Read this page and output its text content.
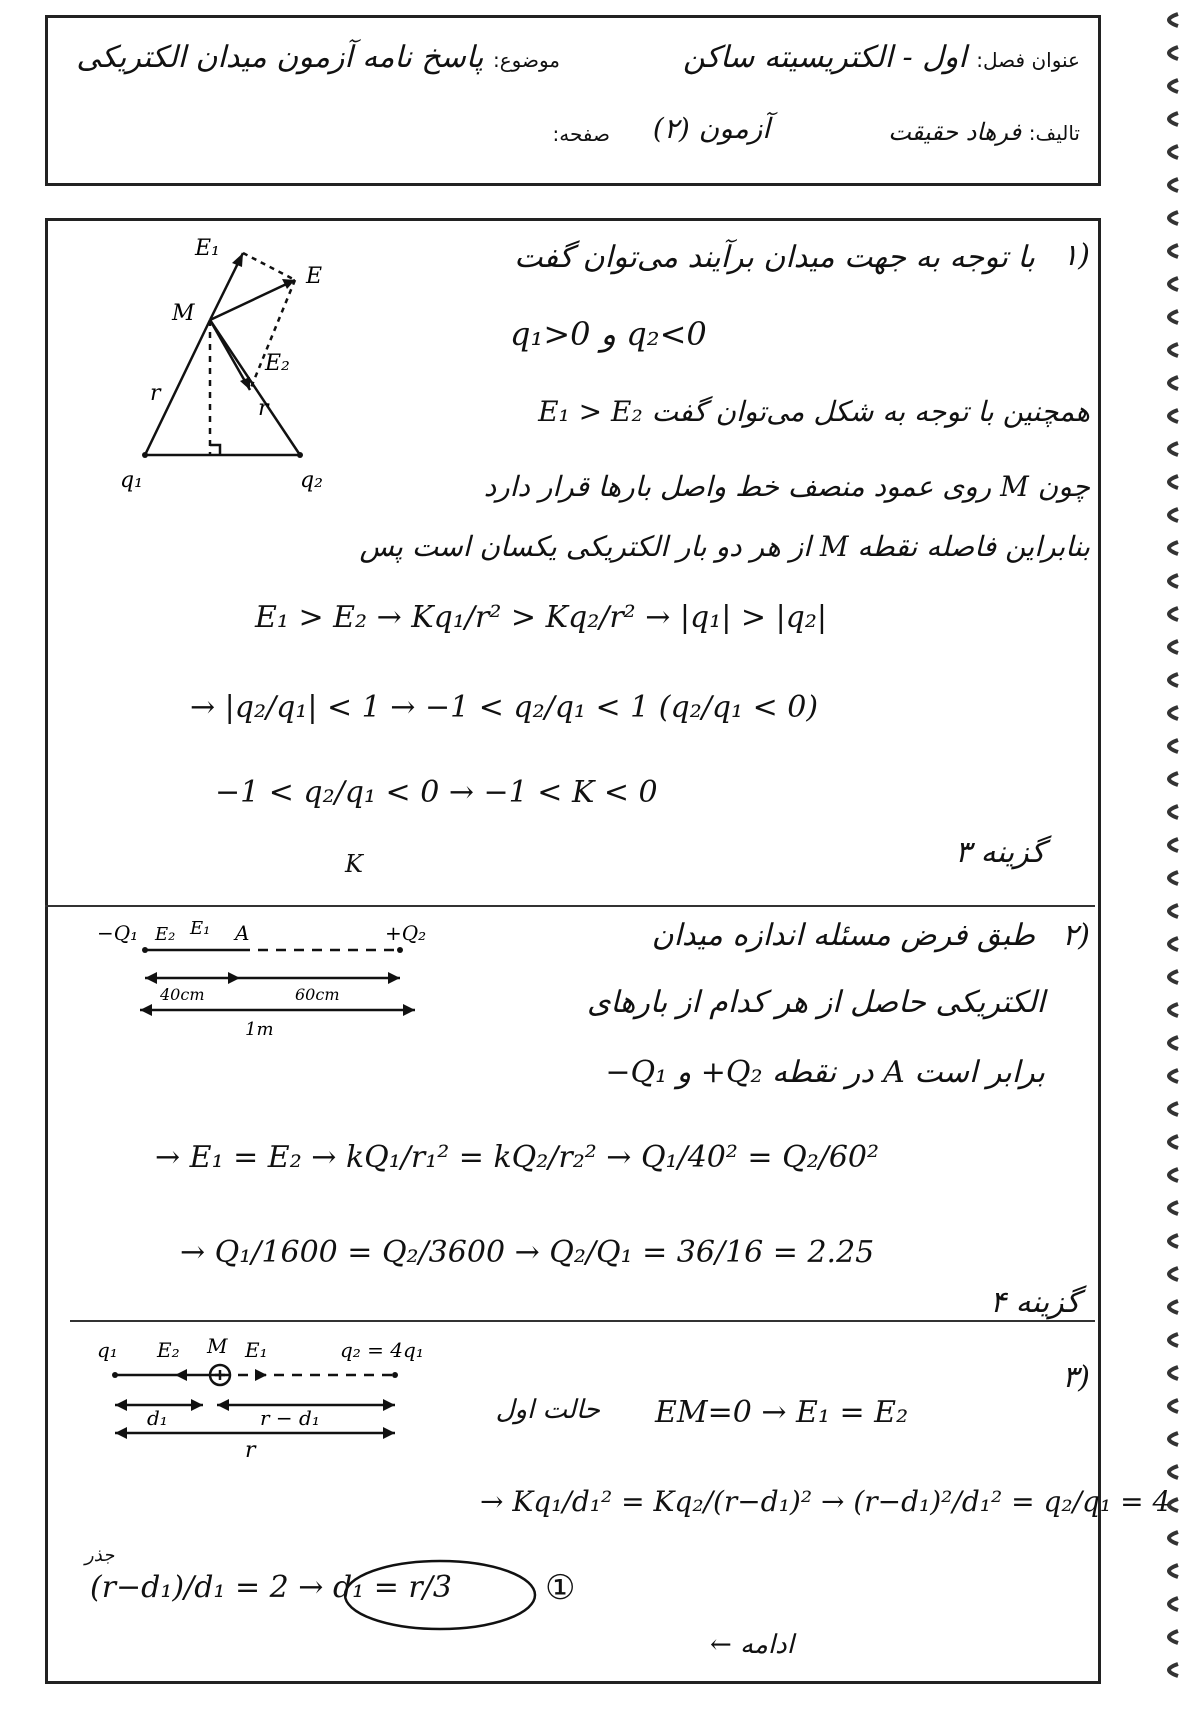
عنوان فصل: اول - الکتریسیته ساکن
موضوع: پاسخ نامه آزمون میدان الکتریکی
تالیف: فرهاد حقیقت
آزمون (۲)
صفحه:
E₁
E
E₂
M
r
r
q₁	q₂
۱)
با توجه به جهت میدان برآیند می‌توان گفت
q₁>0 و q₂<0
همچنین با توجه به شکل می‌توان گفت E₁ > E₂
چون M روی عمود منصف خط واصل بارها قرار دارد
بنابراین فاصله نقطه M از هر دو بار الکتریکی یکسان است پس
E₁ > E₂ → Kq₁/r² > Kq₂/r² → |q₁| > |q₂|
→ |q₂/q₁| < 1 → −1 < q₂/q₁ < 1 (q₂/q₁ < 0)
−1 < q₂/q₁ < 0 → −1 < K < 0
K	گزینه ۳
−Q₁ E₂ E₁ A	+Q₂
40cm	60cm
1m
۲)
طبق فرض مسئله اندازه میدان
الکتریکی حاصل از هر کدام از بارهای
−Q₁ و +Q₂ در نقطه A برابر است
→ E₁ = E₂ → kQ₁/r₁² = kQ₂/r₂² → Q₁/40² = Q₂/60²
→ Q₁/1600 = Q₂/3600 → Q₂/Q₁ = 36/16 = 2.25
گزینه ۴
q₁ E₂ M E₁	q₂ = 4q₁
d₁	r − d₁
r
۳)
حالت اول EM=0 → E₁ = E₂
→ Kq₁/d₁² = Kq₂/(r−d₁)² → (r−d₁)²/d₁² = q₂/q₁ = 4
جذر
(r−d₁)/d₁ = 2 → d₁ = r/3	①
ادامه ←
